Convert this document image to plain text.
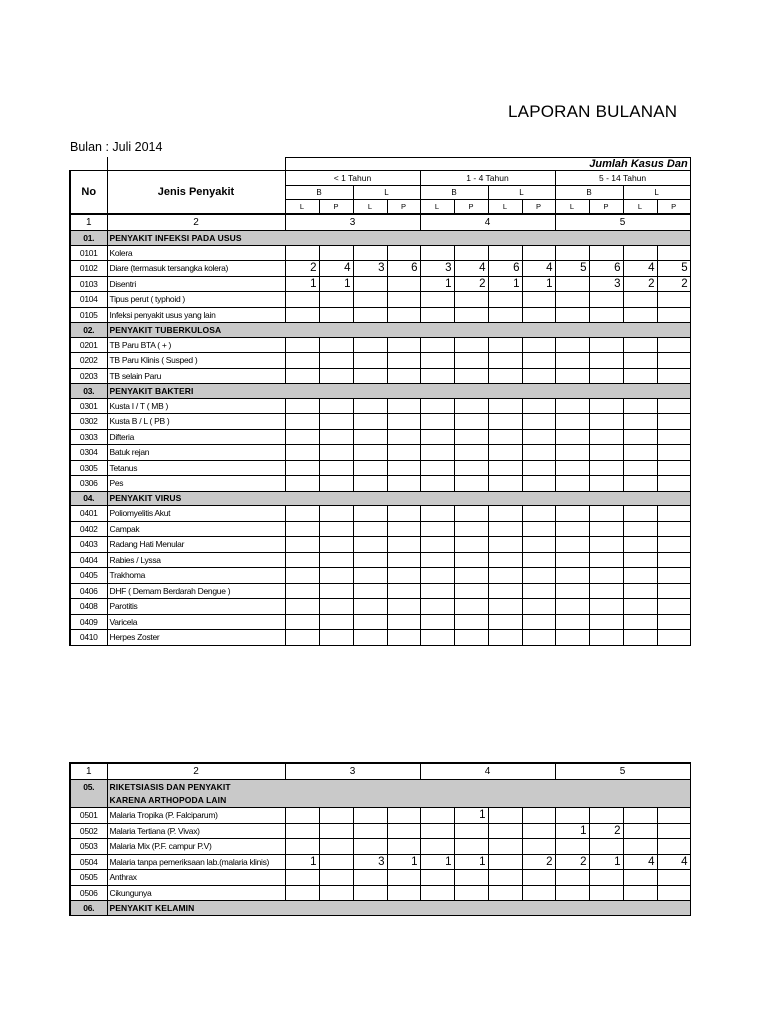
LAPORAN BULANAN
Bulan : Juli 2014
		Jumlah Kasus Dan											
No	Jenis Penyakit	< 1 Tahun				1 - 4 Tahun				5 - 14 Tahun			
		B		L		B		L		B		L	
		L	P	L	P	L	P	L	P	L	P	L	P
1	2	3				4				5			
01.	PENYAKIT INFEKSI PADA USUS												
0101	Kolera												
0102	Diare (termasuk tersangka kolera)	2	4	3	6	3	4	6	4	5	6	4	5
0103	Disentri	1	1			1	2	1	1		3	2	2
0104	Tipus perut ( typhoid )												
0105	Infeksi penyakit usus yang lain												
02.	PENYAKIT TUBERKULOSA												
0201	TB Paru BTA ( + )												
0202	TB Paru Klinis ( Susped )												
0203	TB selain Paru												
03.	PENYAKIT BAKTERI												
0301	Kusta I / T ( MB )												
0302	Kusta B / L ( PB )												
0303	Difteria												
0304	Batuk rejan												
0305	Tetanus												
0306	Pes												
04.	PENYAKIT VIRUS												
0401	Poliomyelitis Akut												
0402	Campak												
0403	Radang Hati Menular												
0404	Rabies / Lyssa												
0405	Trakhoma												
0406	DHF ( Demam Berdarah Dengue )												
0408	Parotitis												
0409	Varicela												
0410	Herpes Zoster												
1	2	3				4				5			
05.	RIKETSIASIS DAN PENYAKIT												
	KARENA ARTHOPODA LAIN												
0501	Malaria Tropika (P. Falciparum)						1						
0502	Malaria Tertiana (P. Vivax)									1	2		
0503	Malaria Mix (P.F. campur P.V)												
0504	Malaria tanpa pemeriksaan lab.(malaria klinis)	1		3	1	1	1		2	2	1	4	4
0505	Anthrax												
0506	Cikungunya												
06.	PENYAKIT KELAMIN												
